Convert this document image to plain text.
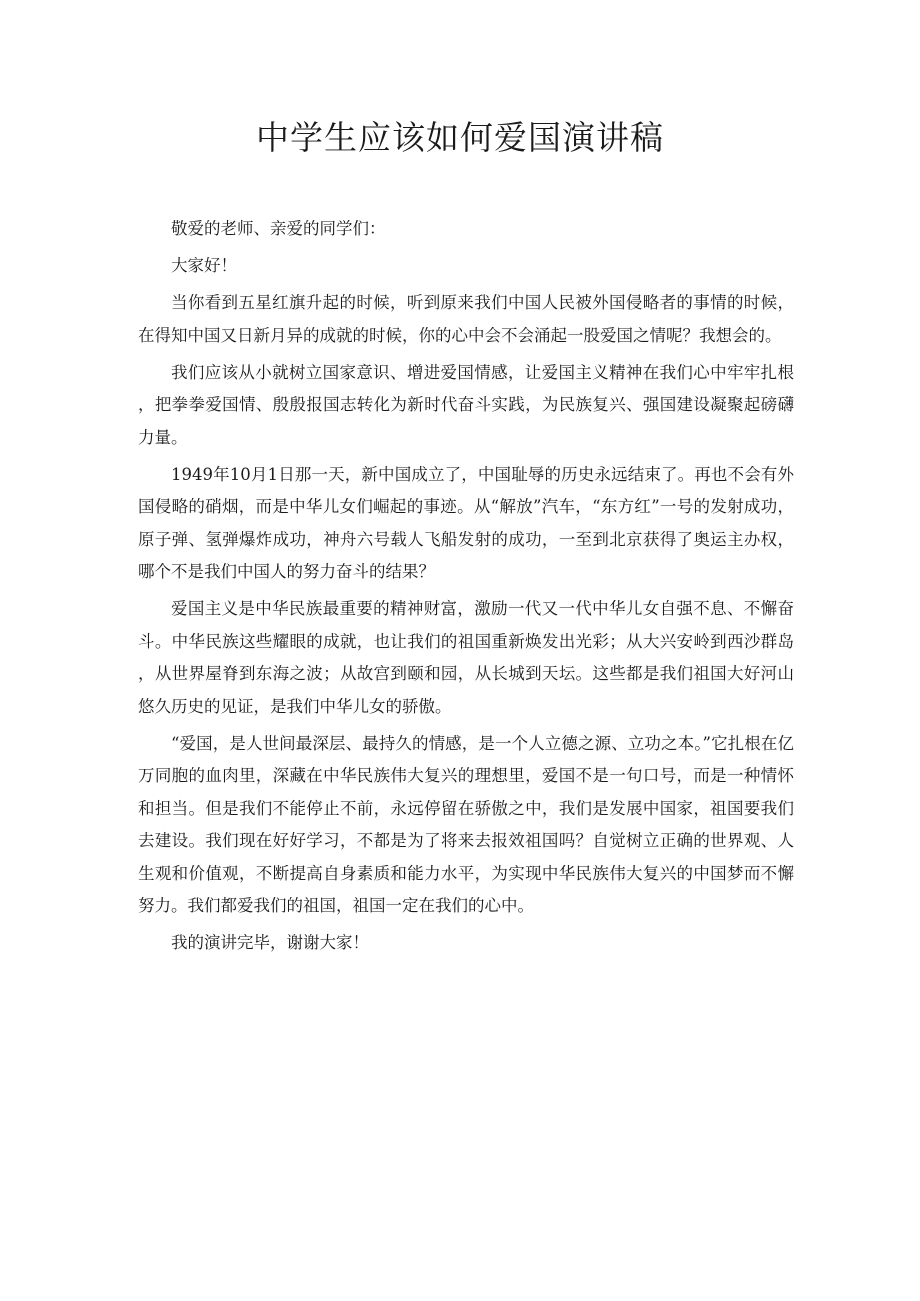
中学生应该如何爱国演讲稿

敬爱的老师、亲爱的同学们：

大家好！

当你看到五星红旗升起的时候，听到原来我们中国人民被外国侵略者的事情的时候，在得知中国又日新月异的成就的时候，你的心中会不会涌起一股爱国之情呢？我想会的。

我们应该从小就树立国家意识、增进爱国情感，让爱国主义精神在我们心中牢牢扎根，把拳拳爱国情、殷殷报国志转化为新时代奋斗实践，为民族复兴、强国建设凝聚起磅礴力量。

1949年10月1日那一天，新中国成立了，中国耻辱的历史永远结束了。再也不会有外国侵略的硝烟，而是中华儿女们崛起的事迹。从“解放”汽车，“东方红”一号的发射成功，原子弹、氢弹爆炸成功，神舟六号载人飞船发射的成功，一至到北京获得了奥运主办权，哪个不是我们中国人的努力奋斗的结果？

爱国主义是中华民族最重要的精神财富，激励一代又一代中华儿女自强不息、不懈奋斗。中华民族这些耀眼的成就，也让我们的祖国重新焕发出光彩；从大兴安岭到西沙群岛，从世界屋脊到东海之波；从故宫到颐和园，从长城到天坛。这些都是我们祖国大好河山悠久历史的见证，是我们中华儿女的骄傲。

“爱国，是人世间最深层、最持久的情感，是一个人立德之源、立功之本。”它扎根在亿万同胞的血肉里，深藏在中华民族伟大复兴的理想里，爱国不是一句口号，而是一种情怀和担当。但是我们不能停止不前，永远停留在骄傲之中，我们是发展中国家，祖国要我们去建设。我们现在好好学习，不都是为了将来去报效祖国吗？自觉树立正确的世界观、人生观和价值观，不断提高自身素质和能力水平，为实现中华民族伟大复兴的中国梦而不懈努力。我们都爱我们的祖国，祖国一定在我们的心中。

我的演讲完毕，谢谢大家！
